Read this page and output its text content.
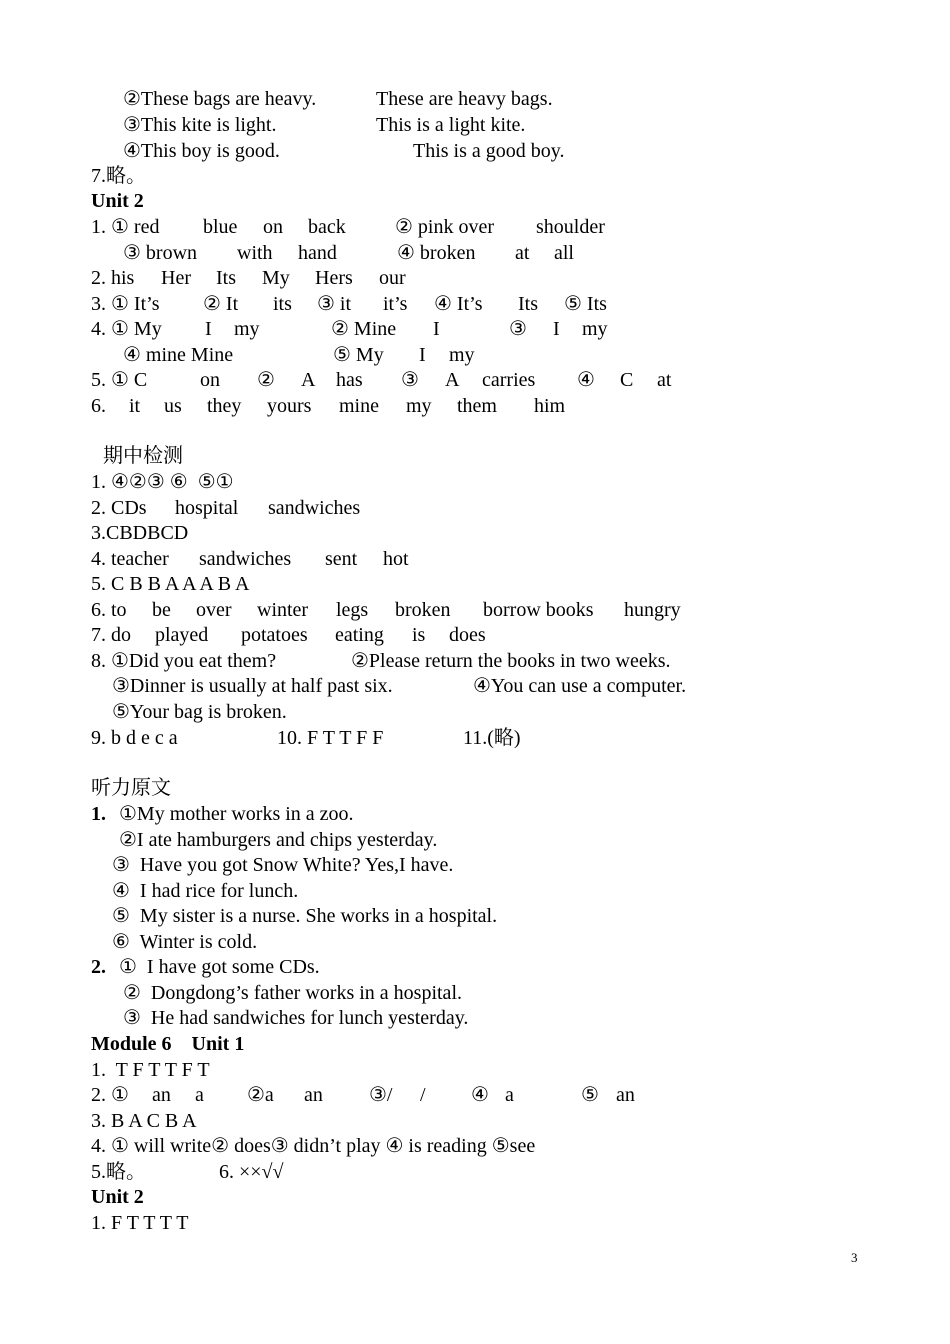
②These bags are heavy.	These are heavy bags.

③This kite is light.	This is a light kite.

④This boy is good.	This is a good boy.

7.略。

Unit 2

1. ① red blue on back ② pink over shoulder

③ brown with hand	④ broken at all

2. his Her Its My Hers our

3. ① It’s ② It its ③ it it’s ④ It’s Its ⑤ Its

4. ① My I my	② Mine I	③ I my

④ mine Mine	⑤ My I my

5. ① C	on ② A has ③ A carries ④ C at

6. it us they yours mine my them him

期中检测

1. ④②③ ⑥  ⑤①

2. CDs hospital sandwiches

3.CBDBCD

4. teacher sandwiches sent hot

5. C B B A A A B A

6. to be over winter legs broken borrow books hungry

7. do played potatoes eating is does

8. ①Did you eat them?	②Please return the books in two weeks.

③Dinner is usually at half past six.	④You can use a computer.

⑤Your bag is broken.

9. b d e c a	10. F T T F F	11.(略)

听力原文

1. ①My mother works in a zoo.

②I ate hamburgers and chips yesterday.

③  Have you got Snow White? Yes,I have.

④  I had rice for lunch.

⑤  My sister is a nurse. She works in a hospital.

⑥  Winter is cold.

2. ①  I have got some CDs.

②  Dongdong’s father works in a hospital.

③  He had sandwiches for lunch yesterday.

Module 6    Unit 1

1.  T F T T F T

2. ① an a ②a an ③/ / ④ a	⑤ an

3. B A C B A

4. ① will write② does③ didn’t play ④ is reading ⑤see

5.略。	6. ××√√

Unit 2

1. F T T T T

3
